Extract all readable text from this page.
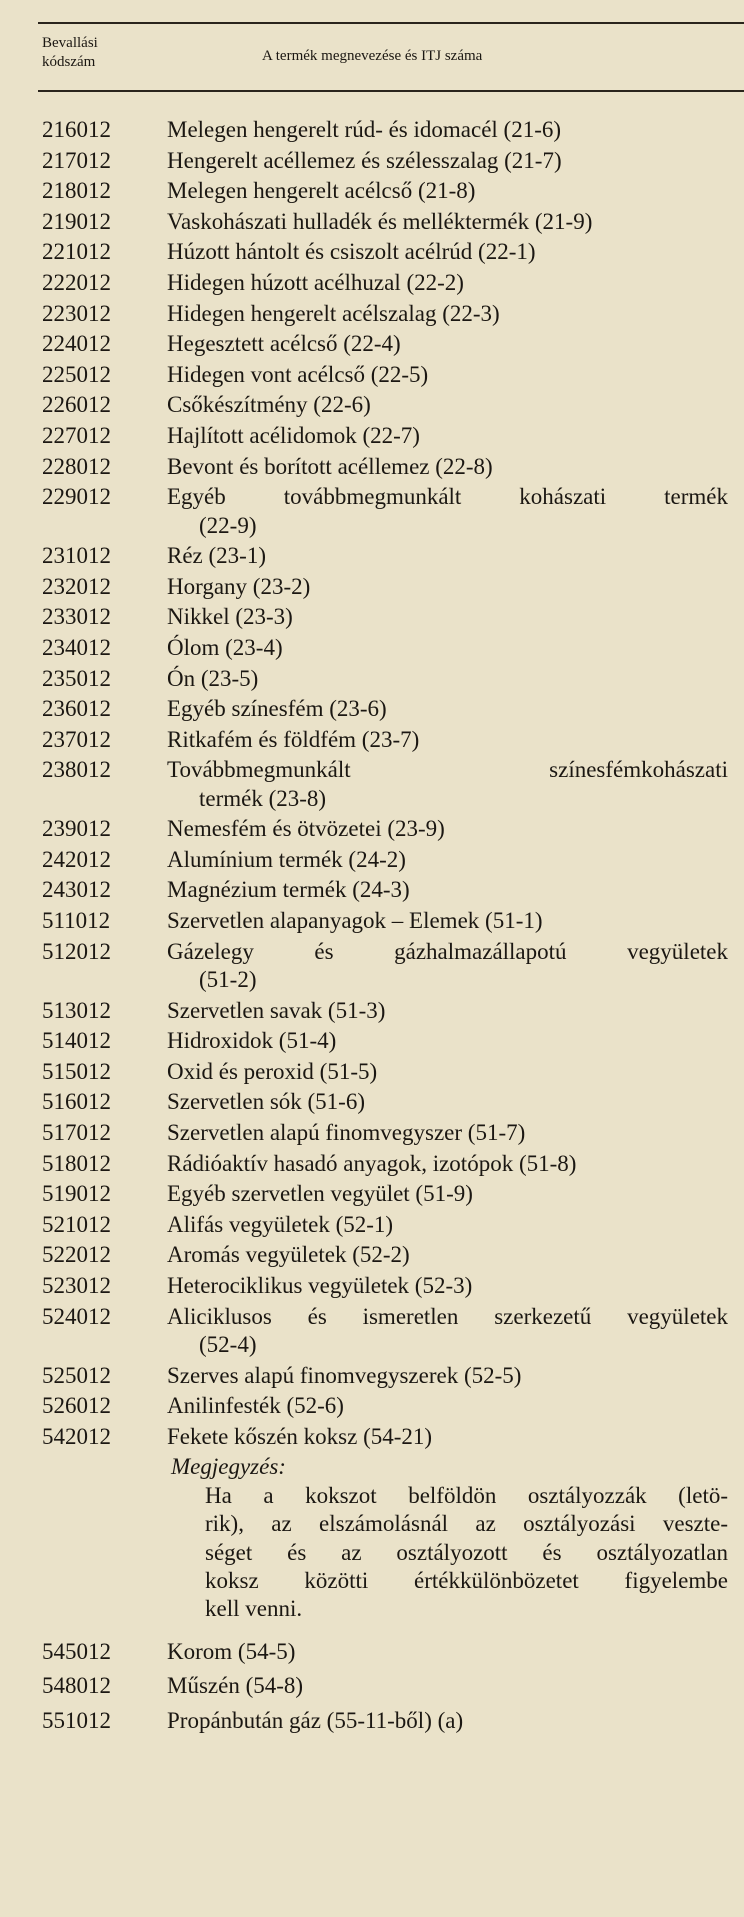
Bevallási
kódszám	A termék megnevezése és ITJ száma
216012 Melegen hengerelt rúd- és idomacél (21-6)
217012 Hengerelt acéllemez és szélesszalag (21-7)
218012 Melegen hengerelt acélcső (21-8)
219012 Vaskohászati hulladék és melléktermék (21-9)
221012 Húzott hántolt és csiszolt acélrúd (22-1)
222012 Hidegen húzott acélhuzal (22-2)
223012 Hidegen hengerelt acélszalag (22-3)
224012 Hegesztett acélcső (22-4)
225012 Hidegen vont acélcső (22-5)
226012 Csőkészítmény (22-6)
227012 Hajlított acélidomok (22-7)
228012 Bevont és borított acéllemez (22-8)
229012 Egyéb továbbmegmunkált kohászati termék
(22-9)
231012 Réz (23-1)
232012 Horgany (23-2)
233012 Nikkel (23-3)
234012 Ólom (23-4)
235012 Ón (23-5)
236012 Egyéb színesfém (23-6)
237012 Ritkafém és földfém (23-7)
238012 Továbbmegmunkált színesfémkohászati
termék (23-8)
239012 Nemesfém és ötvözetei (23-9)
242012 Alumínium termék (24-2)
243012 Magnézium termék (24-3)
511012 Szervetlen alapanyagok – Elemek (51-1)
512012 Gázelegy és gázhalmazállapotú vegyületek
(51-2)
513012 Szervetlen savak (51-3)
514012 Hidroxidok (51-4)
515012 Oxid és peroxid (51-5)
516012 Szervetlen sók (51-6)
517012 Szervetlen alapú finomvegyszer (51-7)
518012 Rádióaktív hasadó anyagok, izotópok (51-8)
519012 Egyéb szervetlen vegyület (51-9)
521012 Alifás vegyületek (52-1)
522012 Aromás vegyületek (52-2)
523012 Heterociklikus vegyületek (52-3)
524012 Aliciklusos és ismeretlen szerkezetű vegyületek
(52-4)
525012 Szerves alapú finomvegyszerek (52-5)
526012 Anilinfesték (52-6)
542012 Fekete kőszén koksz (54-21)
Megjegyzés:
Ha a kokszot belföldön osztályozzák (letö-
rik), az elszámolásnál az osztályozási veszte-
séget és az osztályozott és osztályozatlan
koksz közötti értékkülönbözetet figyelembe
kell venni.
545012 Korom (54-5)
548012 Műszén (54-8)
551012 Propánbután gáz (55-11-ből) (a)
